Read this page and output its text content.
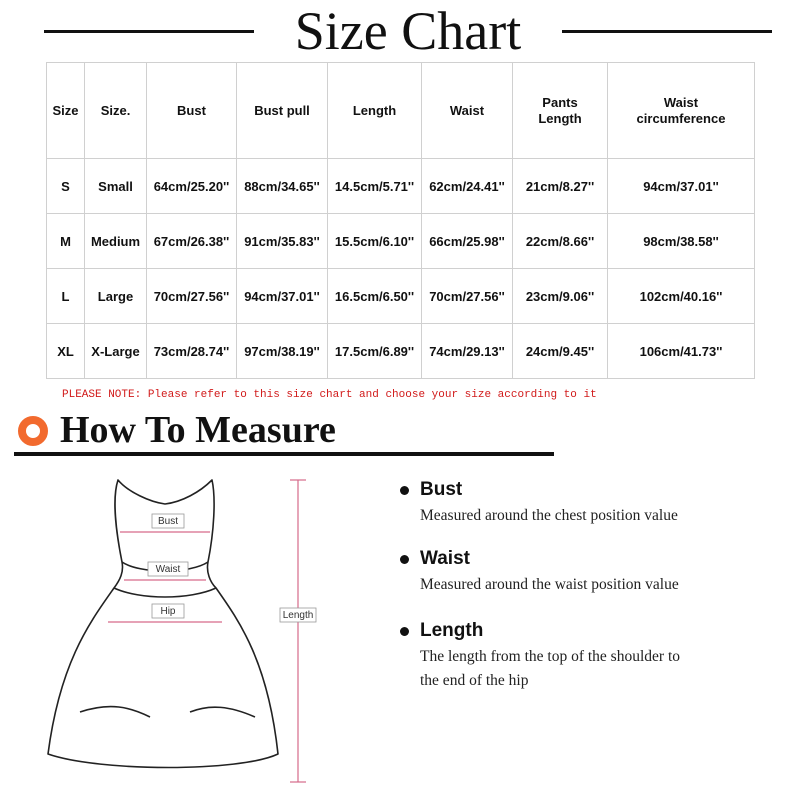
Size Chart
Size	Size.	Bust	Bust pull	Length	Waist	Pants Length	Waist circumference
S	Small	64cm/25.20''	88cm/34.65''	14.5cm/5.71''	62cm/24.41''	21cm/8.27''	94cm/37.01''
M	Medium	67cm/26.38''	91cm/35.83''	15.5cm/6.10''	66cm/25.98''	22cm/8.66''	98cm/38.58''
L	Large	70cm/27.56''	94cm/37.01''	16.5cm/6.50''	70cm/27.56''	23cm/9.06''	102cm/40.16''
XL	X-Large	73cm/28.74''	97cm/38.19''	17.5cm/6.89''	74cm/29.13''	24cm/9.45''	106cm/41.73''
PLEASE NOTE: Please refer to this size chart and choose your size according to it
How To Measure
Bust
Waist
Hip	Length
Bust
Measured around the chest position value
Waist
Measured around the waist position value
Length
The length from the top of the shoulder to
the end of the hip
